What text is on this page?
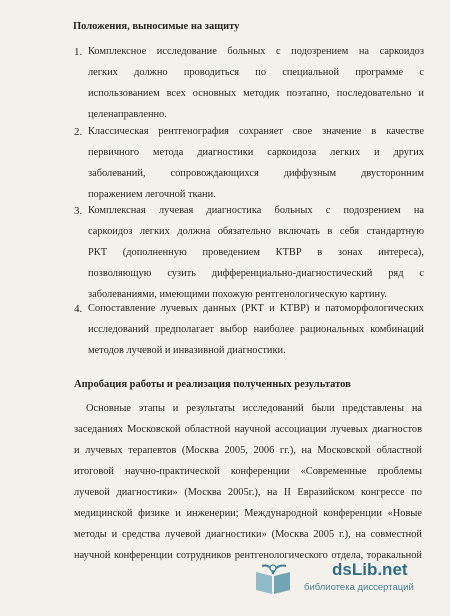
Положения, выносимые на защиту
1. Комплексное исследование больных с подозрением на саркоидоз
легких должно проводиться по специальной программе с
использованием всех основных методик поэтапно, последовательно и
целенаправленно.
2. Классическая рентгенография сохраняет свое значение в качестве
первичного метода диагностики саркоидоза легких и других
заболеваний, сопровождающихся диффузным двусторонним
поражением легочной ткани.
3. Комплексная лучевая диагностика больных с подозрением на
саркоидоз легких должна обязательно включать в себя стандартную
РКТ (дополненную проведением КТВР в зонах интереса),
позволяющую сузить дифференциально-диагностический ряд с
заболеваниями, имеющими похожую рентгенологическую картину.
4. Сопоставление лучевых данных (РКТ и КТВР) и патоморфологических
исследований предполагает выбор наиболее рациональных комбинаций
методов лучевой и инвазивной диагностики.
Апробация работы и реализация полученных результатов
Основные этапы и результаты исследований были представлены на
заседаниях Московской областной научной ассоциации лучевых диагностов
и лучевых терапевтов (Москва 2005, 2006 гг.), на Московской областной
итоговой научно-практической конференции «Современные проблемы
лучевой диагностики» (Москва 2005г.), на II Евразийском конгрессе по
медицинской физике и инженерии; Международной конференции «Новые
методы и средства лучевой диагностики» (Москва 2005 г.), на совместной
научной конференции сотрудников рентгенологического отдела, торакальной
dsLib.net
библиотека диссертаций
